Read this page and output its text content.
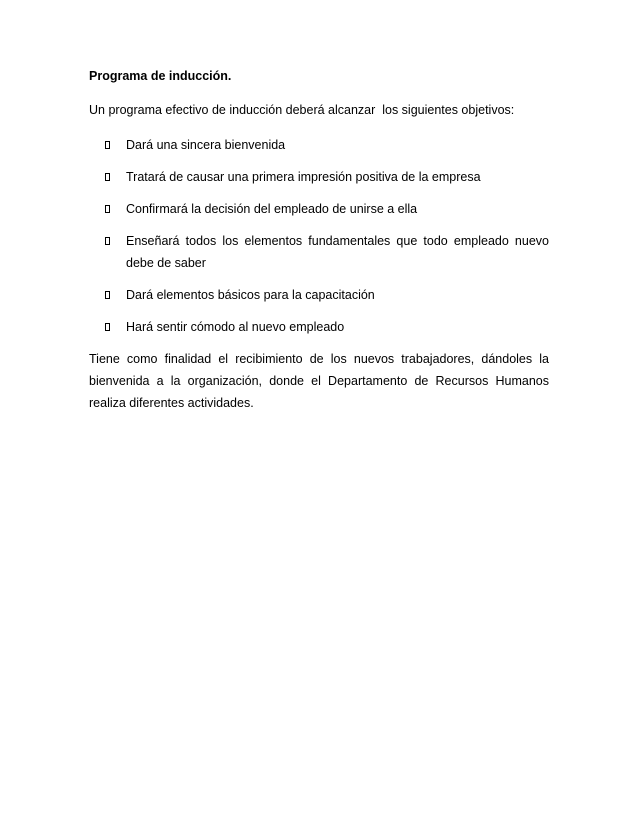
Programa de inducción.

Un programa efectivo de inducción deberá alcanzar  los siguientes objetivos:

Dará una sincera bienvenida
Tratará de causar una primera impresión positiva de la empresa
Confirmará la decisión del empleado de unirse a ella
Enseñará todos los elementos fundamentales que todo empleado nuevo debe de saber
Dará elementos básicos para la capacitación
Hará sentir cómodo al nuevo empleado

Tiene como finalidad el recibimiento de los nuevos trabajadores, dándoles la bienvenida a la organización, donde el Departamento de Recursos Humanos realiza diferentes actividades.
